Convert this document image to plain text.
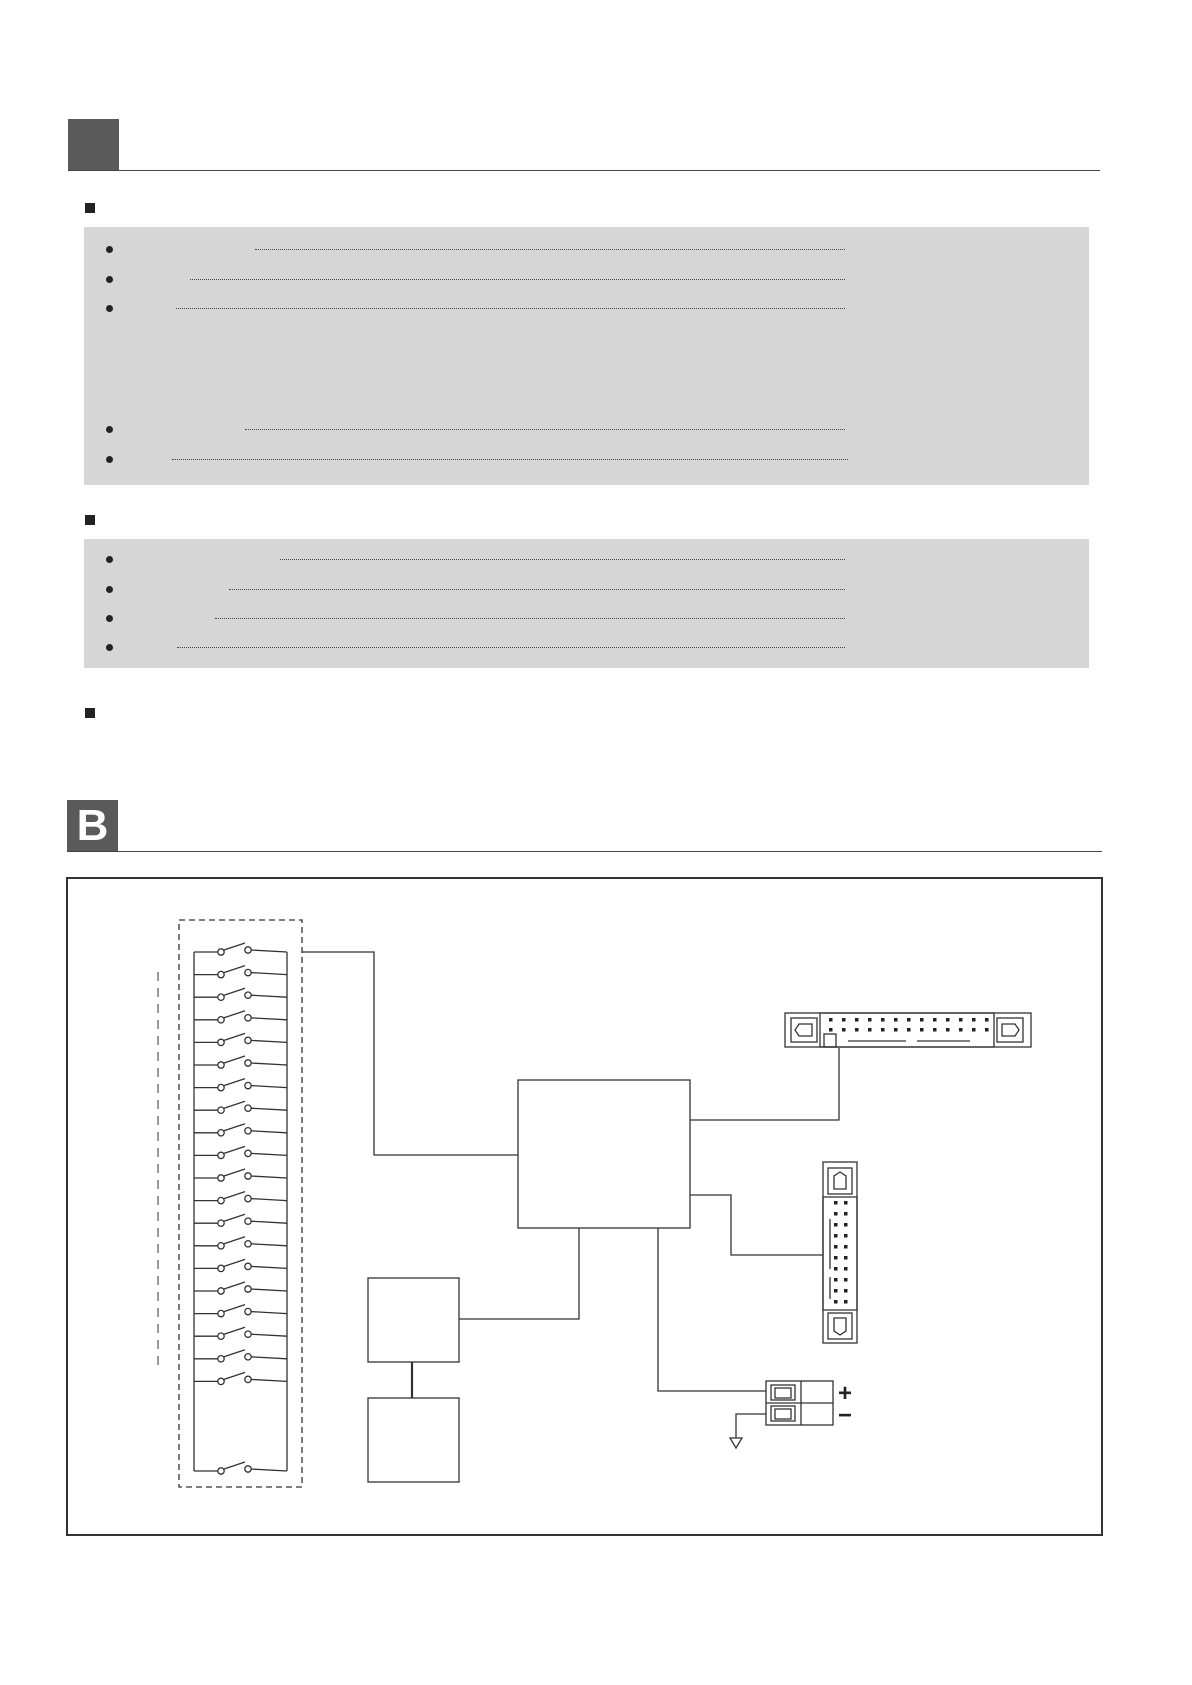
B
+
−
